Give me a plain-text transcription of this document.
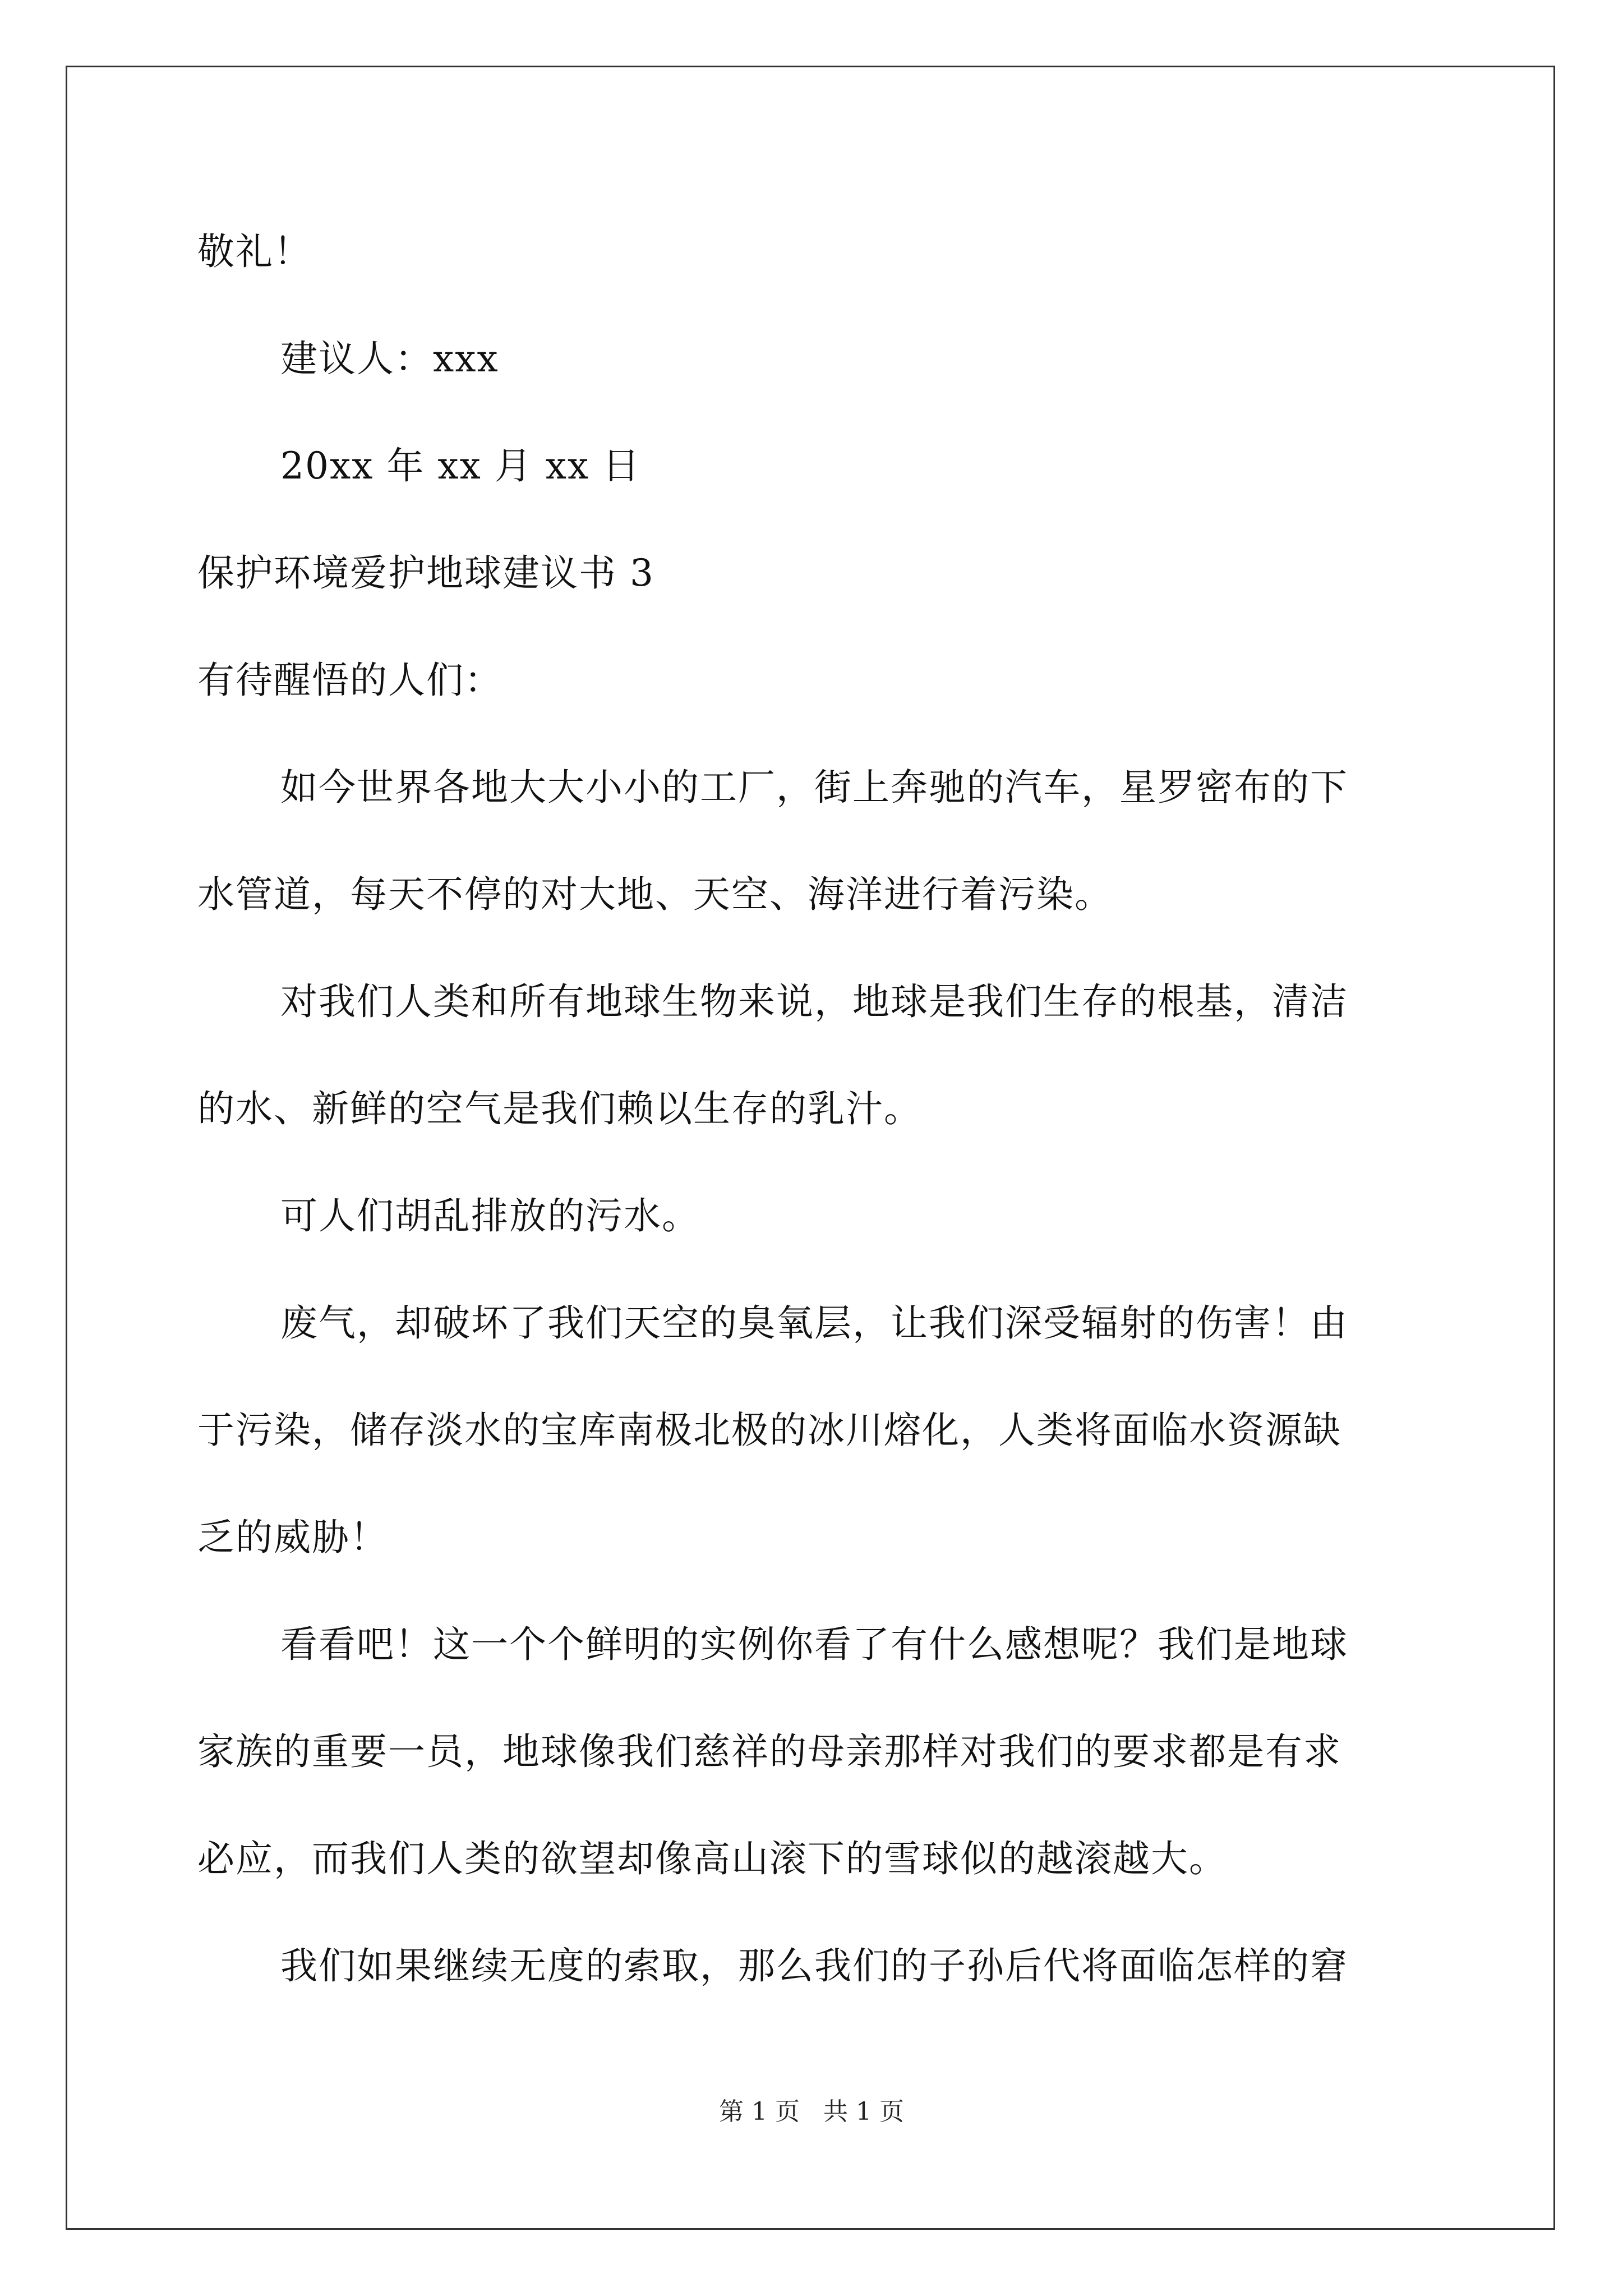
敬礼！
建议人：xxx
20xx 年 xx 月 xx 日
保护环境爱护地球建议书 3
有待醒悟的人们：
如今世界各地大大小小的工厂，街上奔驰的汽车，星罗密布的下
水管道，每天不停的对大地、天空、海洋进行着污染。
对我们人类和所有地球生物来说，地球是我们生存的根基，清洁
的水、新鲜的空气是我们赖以生存的乳汁。
可人们胡乱排放的污水。
废气，却破坏了我们天空的臭氧层，让我们深受辐射的伤害！由
于污染，储存淡水的宝库南极北极的冰川熔化，人类将面临水资源缺
乏的威胁！
看看吧！这一个个鲜明的实例你看了有什么感想呢？我们是地球
家族的重要一员，地球像我们慈祥的母亲那样对我们的要求都是有求
必应，而我们人类的欲望却像高山滚下的雪球似的越滚越大。
我们如果继续无度的索取，那么我们的子孙后代将面临怎样的窘
第 1 页 共 1 页
